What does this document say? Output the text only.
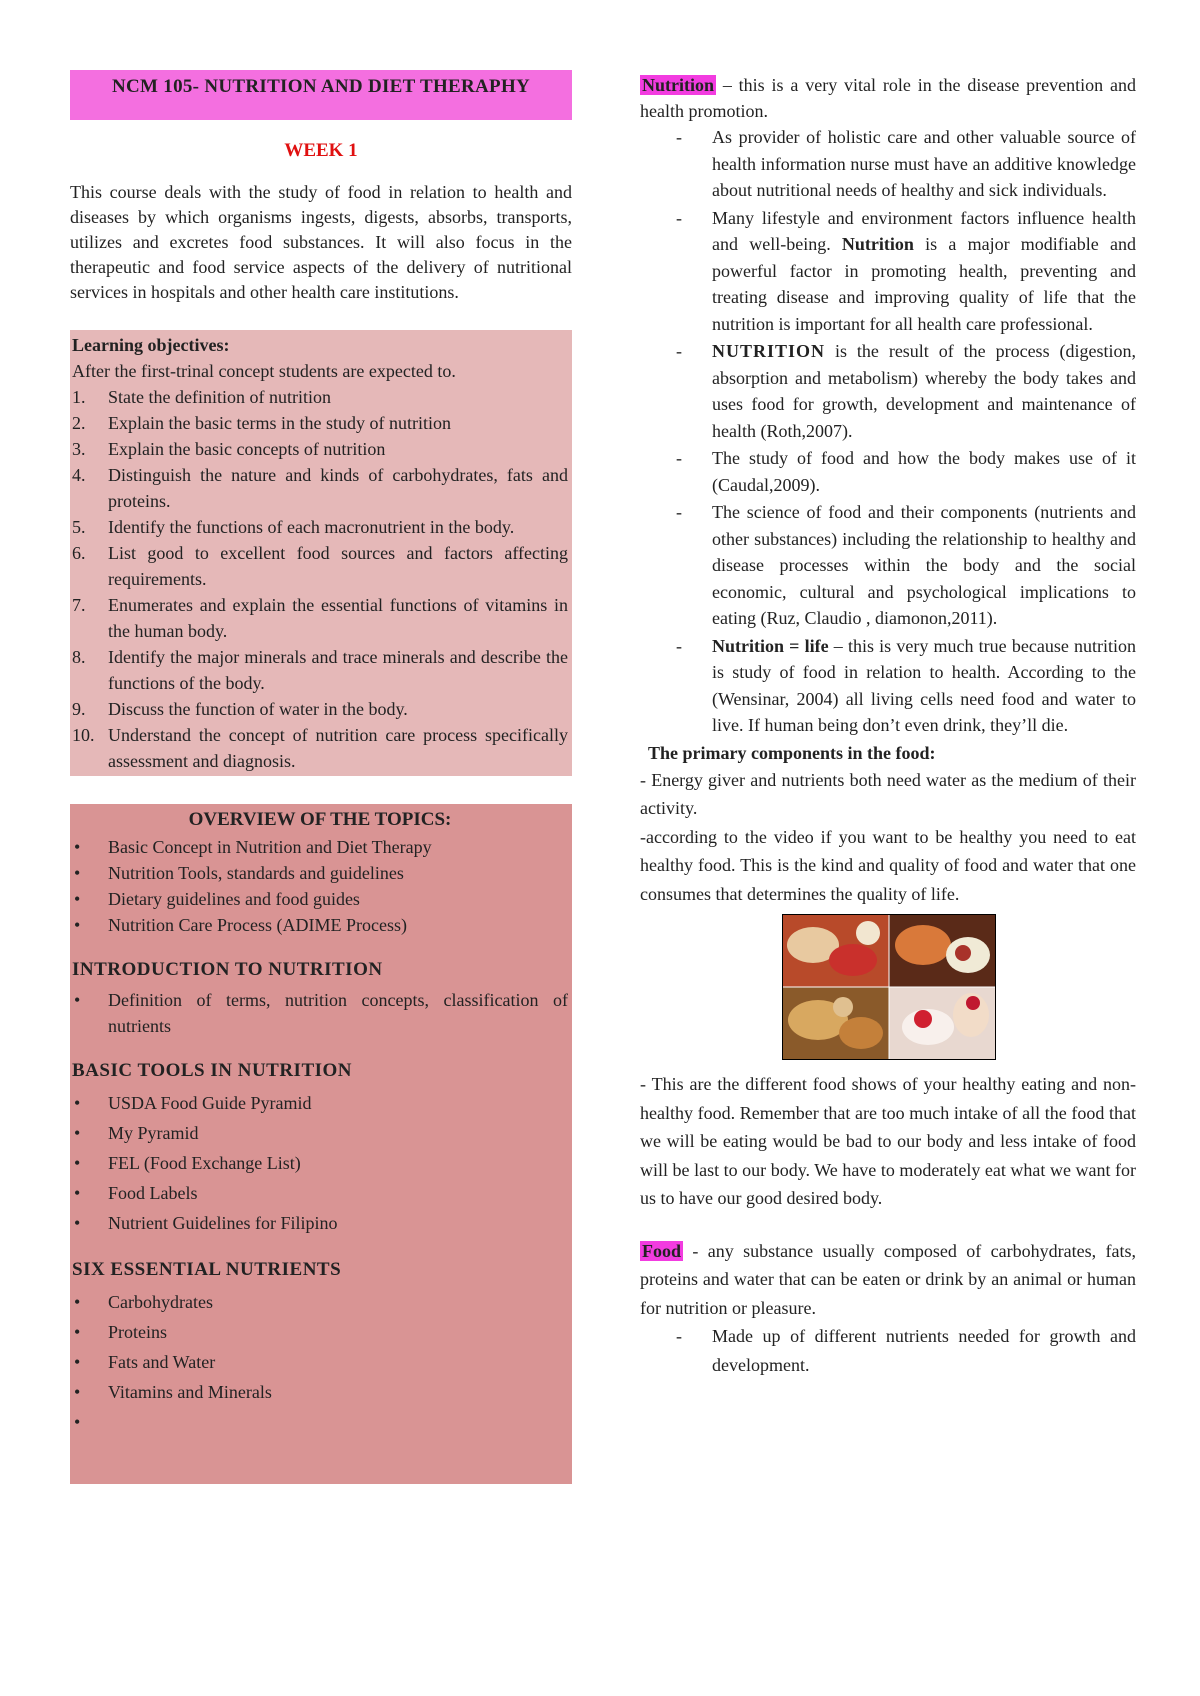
NCM 105- NUTRITION AND DIET THERAPHY
WEEK 1

This course deals with the study of food in relation to health and diseases by which organisms ingests, digests, absorbs, transports, utilizes and excretes food substances. It will also focus in the therapeutic and food service aspects of the delivery of nutritional services in hospitals and other health care institutions.

Learning objectives:

After the first-trinal concept students are expected to.

1. State the definition of nutrition
2. Explain the basic terms in the study of nutrition
3. Explain the basic concepts of nutrition
4. Distinguish the nature and kinds of carbohydrates, fats and proteins.
5. Identify the functions of each macronutrient in the body.
6. List good to excellent food sources and factors affecting requirements.
7. Enumerates and explain the essential functions of vitamins in the human body.
8. Identify the major minerals and trace minerals and describe the functions of the body.
9. Discuss the function of water in the body.
10. Understand the concept of nutrition care process specifically assessment and diagnosis.

OVERVIEW OF THE TOPICS:

• Basic Concept in Nutrition and Diet Therapy
• Nutrition Tools, standards and guidelines
• Dietary guidelines and food guides
• Nutrition Care Process (ADIME Process)
INTRODUCTION TO NUTRITION
• Definition of terms, nutrition concepts, classification of nutrients
BASIC TOOLS IN NUTRITION
• USDA Food Guide Pyramid
• My Pyramid
• FEL (Food Exchange List)
• Food Labels
• Nutrient Guidelines for Filipino
SIX ESSENTIAL NUTRIENTS
• Carbohydrates
• Proteins
• Fats and Water
• Vitamins and Minerals

Nutrition – this is a very vital role in the disease prevention and health promotion.

- As provider of holistic care and other valuable source of health information nurse must have an additive knowledge about nutritional needs of healthy and sick individuals.
- Many lifestyle and environment factors influence health and well-being. Nutrition is a major modifiable and powerful factor in promoting health, preventing and treating disease and improving quality of life that the nutrition is important for all health care professional.
- NUTRITION is the result of the process (digestion, absorption and metabolism) whereby the body takes and uses food for growth, development and maintenance of health (Roth,2007).
- The study of food and how the body makes use of it (Caudal,2009).
- The science of food and their components (nutrients and other substances) including the relationship to healthy and disease processes within the body and the social economic, cultural and psychological implications to eating (Ruz, Claudio , diamonon,2011).
- Nutrition = life – this is very much true because nutrition is study of food in relation to health. According to the (Wensinar, 2004) all living cells need food and water to live. If human being don’t even drink, they’ll die.
The primary components in the food:

- Energy giver and nutrients both need water as the medium of their activity.

-according to the video if you want to be healthy you need to eat healthy food. This is the kind and quality of food and water that one consumes that determines the quality of life.

- This are the different food shows of your healthy eating and non- healthy food. Remember that are too much intake of all the food that we will be eating would be bad to our body and less intake of food will be last to our body. We have to moderately eat what we want for us to have our good desired body.

Food - any substance usually composed of carbohydrates, fats, proteins and water that can be eaten or drink by an animal or human for nutrition or pleasure.

- Made up of different nutrients needed for growth and development.
